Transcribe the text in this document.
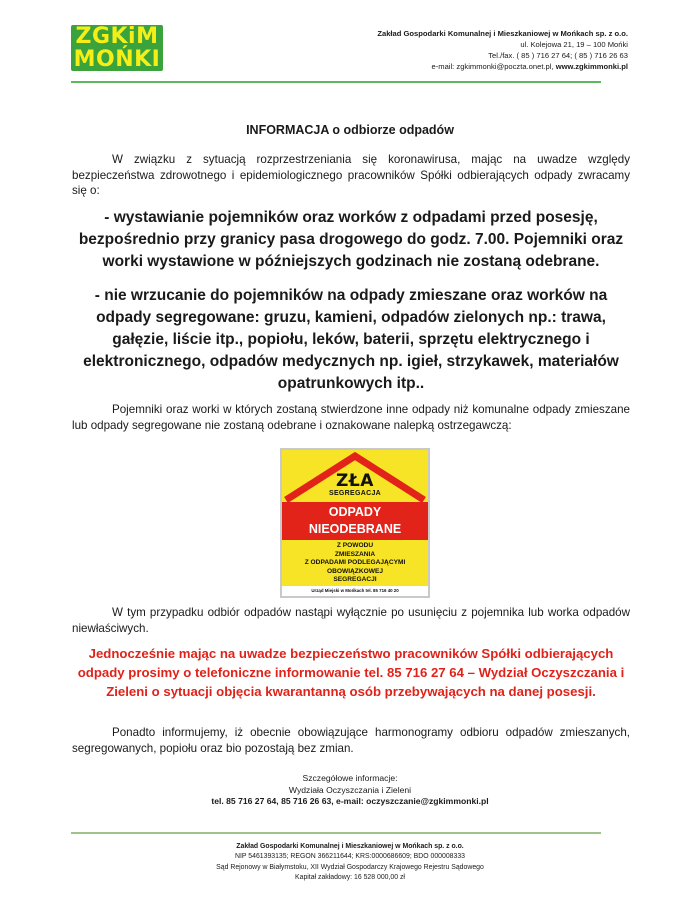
ZGKiM
MOŃKI
Zakład Gospodarki Komunalnej i Mieszkaniowej w Mońkach sp. z o.o.
ul. Kolejowa 21, 19 – 100 Mońki
Tel./fax. ( 85 ) 716 27 64; ( 85 ) 716 26 63
e-mail: zgkimmonki@poczta.onet.pl, www.zgkimmonki.pl
INFORMACJA o odbiorze odpadów

W związku z sytuacją rozprzestrzeniania się koronawirusa, mając na uwadze względy bezpieczeństwa zdrowotnego i epidemiologicznego pracowników Spółki odbierających odpady zwracamy się o:

- wystawianie pojemników oraz worków z odpadami przed posesję, bezpośrednio przy granicy pasa drogowego do godz. 7.00. Pojemniki oraz worki wystawione w późniejszych godzinach nie zostaną odebrane.

- nie wrzucanie do pojemników na odpady zmieszane oraz worków na odpady segregowane: gruzu, kamieni, odpadów zielonych np.: trawa, gałęzie, liście itp., popiołu, leków, baterii, sprzętu elektrycznego i elektronicznego, odpadów medycznych np. igieł, strzykawek, materiałów opatrunkowych itp..

Pojemniki oraz worki w których zostaną stwierdzone inne odpady niż komunalne odpady zmieszane lub odpady segregowane nie zostaną odebrane i oznakowane nalepką ostrzegawczą:

ZŁA
SEGREGACJA
ODPADY
NIEODEBRANE
Z POWODU
ZMIESZANIA
Z ODPADAMI PODLEGAJĄCYMI
OBOWIĄZKOWEJ
SEGREGACJI
Urząd Miejski w Mońkach tel. 85 716 40 20

W tym przypadku odbiór odpadów nastąpi wyłącznie po usunięciu z pojemnika lub worka odpadów niewłaściwych.

Jednocześnie mając na uwadze bezpieczeństwo pracowników Spółki odbierających odpady prosimy o telefoniczne informowanie tel. 85 716 27 64 – Wydział Oczyszczania i Zieleni o sytuacji objęcia kwarantanną osób przebywających na danej posesji.

Ponadto informujemy, iż obecnie obowiązujące harmonogramy odbioru odpadów zmieszanych, segregowanych, popiołu oraz bio pozostają bez zmian.

Szczegółowe informacje:
Wydziała Oczyszczania i Zieleni
tel. 85 716 27 64, 85 716 26 63, e-mail: oczyszczanie@zgkimmonki.pl
Zakład Gospodarki Komunalnej i Mieszkaniowej w Mońkach sp. z o.o.
NIP 5461393135; REGON 366211644; KRS:0000686609; BDO 000008333
Sąd Rejonowy w Białymstoku, XII Wydział Gospodarczy Krajowego Rejestru Sądowego
Kapitał zakładowy: 16 528 000,00 zł
